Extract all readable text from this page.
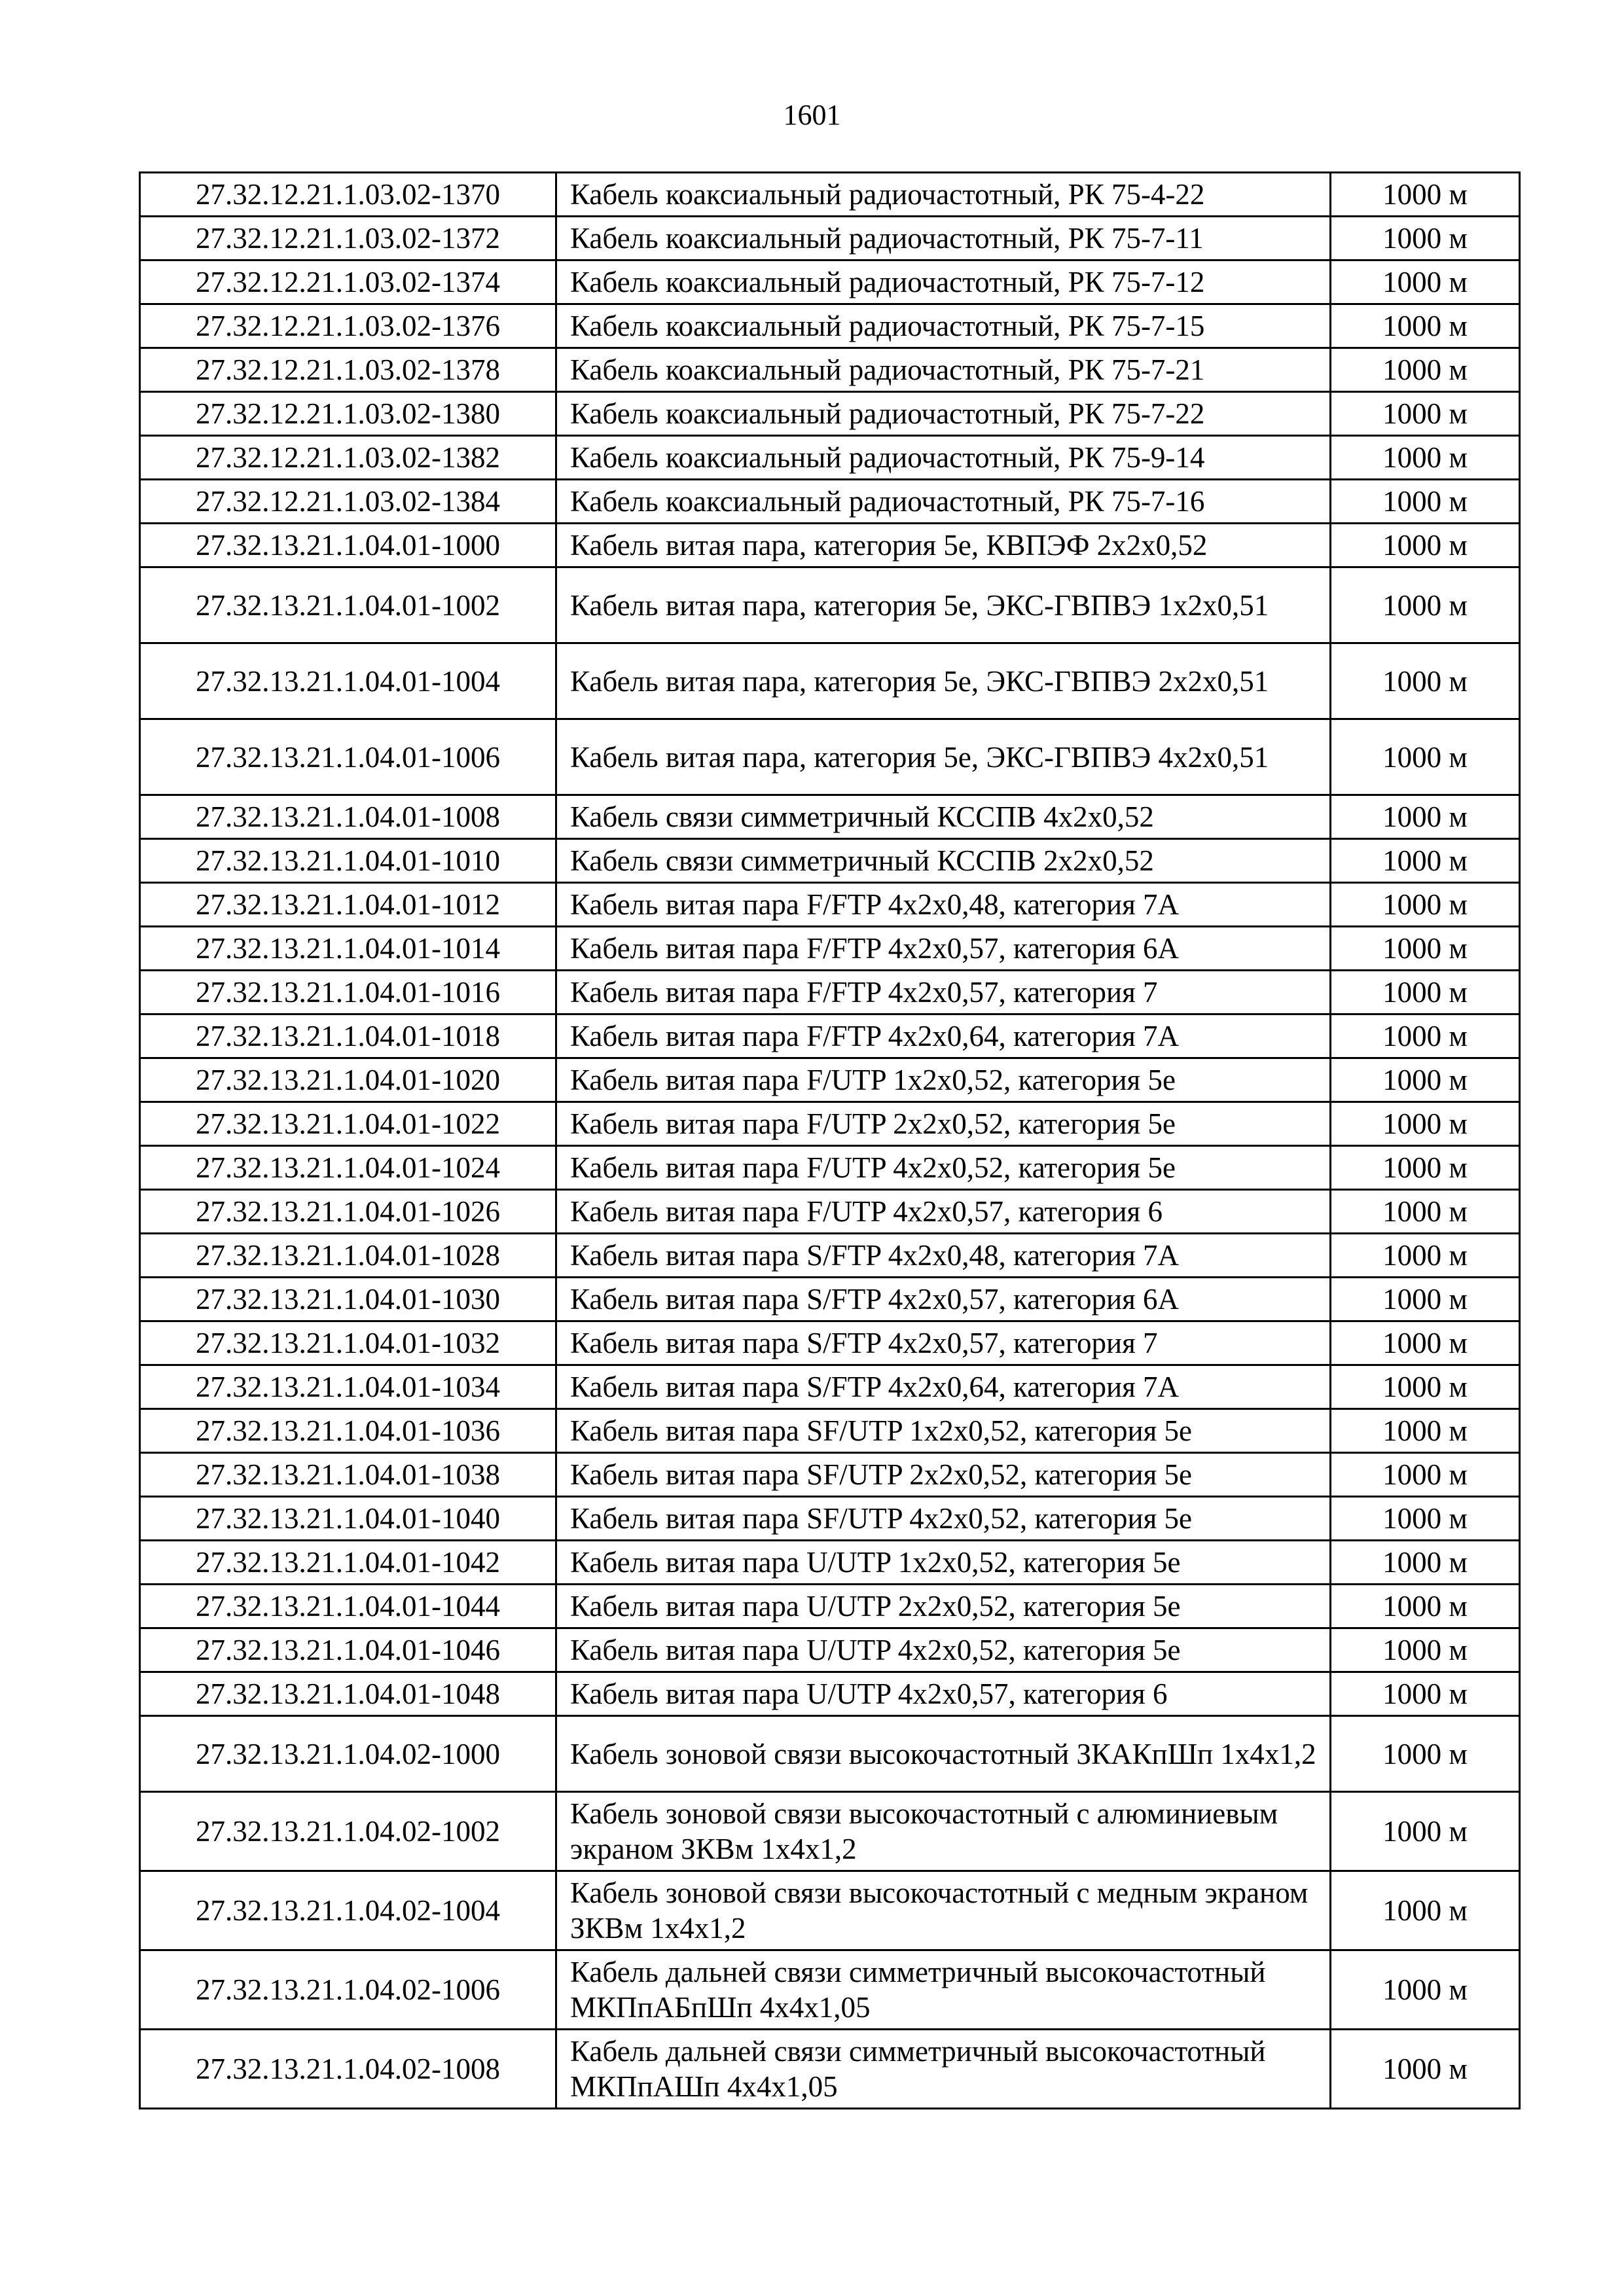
1601
27.32.12.21.1.03.02-1370	Кабель коаксиальный радиочастотный, РК 75-4-22	1000 м
27.32.12.21.1.03.02-1372	Кабель коаксиальный радиочастотный, РК 75-7-11	1000 м
27.32.12.21.1.03.02-1374	Кабель коаксиальный радиочастотный, РК 75-7-12	1000 м
27.32.12.21.1.03.02-1376	Кабель коаксиальный радиочастотный, РК 75-7-15	1000 м
27.32.12.21.1.03.02-1378	Кабель коаксиальный радиочастотный, РК 75-7-21	1000 м
27.32.12.21.1.03.02-1380	Кабель коаксиальный радиочастотный, РК 75-7-22	1000 м
27.32.12.21.1.03.02-1382	Кабель коаксиальный радиочастотный, РК 75-9-14	1000 м
27.32.12.21.1.03.02-1384	Кабель коаксиальный радиочастотный, РК 75-7-16	1000 м
27.32.13.21.1.04.01-1000	Кабель витая пара, категория 5е, КВПЭФ 2х2х0,52	1000 м
27.32.13.21.1.04.01-1002	Кабель витая пара, категория 5е, ЭКС-ГВПВЭ 1х2х0,51	1000 м
27.32.13.21.1.04.01-1004	Кабель витая пара, категория 5е, ЭКС-ГВПВЭ 2х2х0,51	1000 м
27.32.13.21.1.04.01-1006	Кабель витая пара, категория 5е, ЭКС-ГВПВЭ 4х2х0,51	1000 м
27.32.13.21.1.04.01-1008	Кабель связи симметричный КССПВ 4х2х0,52	1000 м
27.32.13.21.1.04.01-1010	Кабель связи симметричный КССПВ 2х2х0,52	1000 м
27.32.13.21.1.04.01-1012	Кабель витая пара F/FTP 4х2х0,48, категория 7А	1000 м
27.32.13.21.1.04.01-1014	Кабель витая пара F/FTP 4х2х0,57, категория 6А	1000 м
27.32.13.21.1.04.01-1016	Кабель витая пара F/FTP 4х2х0,57, категория 7	1000 м
27.32.13.21.1.04.01-1018	Кабель витая пара F/FTP 4х2х0,64, категория 7А	1000 м
27.32.13.21.1.04.01-1020	Кабель витая пара F/UTP 1х2х0,52, категория 5е	1000 м
27.32.13.21.1.04.01-1022	Кабель витая пара F/UTP 2х2х0,52, категория 5е	1000 м
27.32.13.21.1.04.01-1024	Кабель витая пара F/UTP 4х2х0,52, категория 5е	1000 м
27.32.13.21.1.04.01-1026	Кабель витая пара F/UTP 4х2х0,57, категория 6	1000 м
27.32.13.21.1.04.01-1028	Кабель витая пара S/FTP 4х2х0,48, категория 7А	1000 м
27.32.13.21.1.04.01-1030	Кабель витая пара S/FTP 4х2х0,57, категория 6А	1000 м
27.32.13.21.1.04.01-1032	Кабель витая пара S/FTP 4х2х0,57, категория 7	1000 м
27.32.13.21.1.04.01-1034	Кабель витая пара S/FTP 4х2х0,64, категория 7А	1000 м
27.32.13.21.1.04.01-1036	Кабель витая пара SF/UTP 1х2х0,52, категория 5е	1000 м
27.32.13.21.1.04.01-1038	Кабель витая пара SF/UTP 2х2х0,52, категория 5е	1000 м
27.32.13.21.1.04.01-1040	Кабель витая пара SF/UTP 4х2х0,52, категория 5е	1000 м
27.32.13.21.1.04.01-1042	Кабель витая пара U/UTP 1х2х0,52, категория 5е	1000 м
27.32.13.21.1.04.01-1044	Кабель витая пара U/UTP 2х2х0,52, категория 5е	1000 м
27.32.13.21.1.04.01-1046	Кабель витая пара U/UTP 4х2х0,52, категория 5е	1000 м
27.32.13.21.1.04.01-1048	Кабель витая пара U/UTP 4х2х0,57, категория 6	1000 м
27.32.13.21.1.04.02-1000	Кабель зоновой связи высокочастотный ЗКАКпШп 1х4х1,2	1000 м
27.32.13.21.1.04.02-1002	Кабель зоновой связи высокочастотный с алюминиевым экраном ЗКВм 1х4х1,2	1000 м
27.32.13.21.1.04.02-1004	Кабель зоновой связи высокочастотный с медным экраном ЗКВм 1х4х1,2	1000 м
27.32.13.21.1.04.02-1006	Кабель дальней связи симметричный высокочастотный МКПпАБпШп 4х4х1,05	1000 м
27.32.13.21.1.04.02-1008	Кабель дальней связи симметричный высокочастотный МКПпАШп 4х4х1,05	1000 м
